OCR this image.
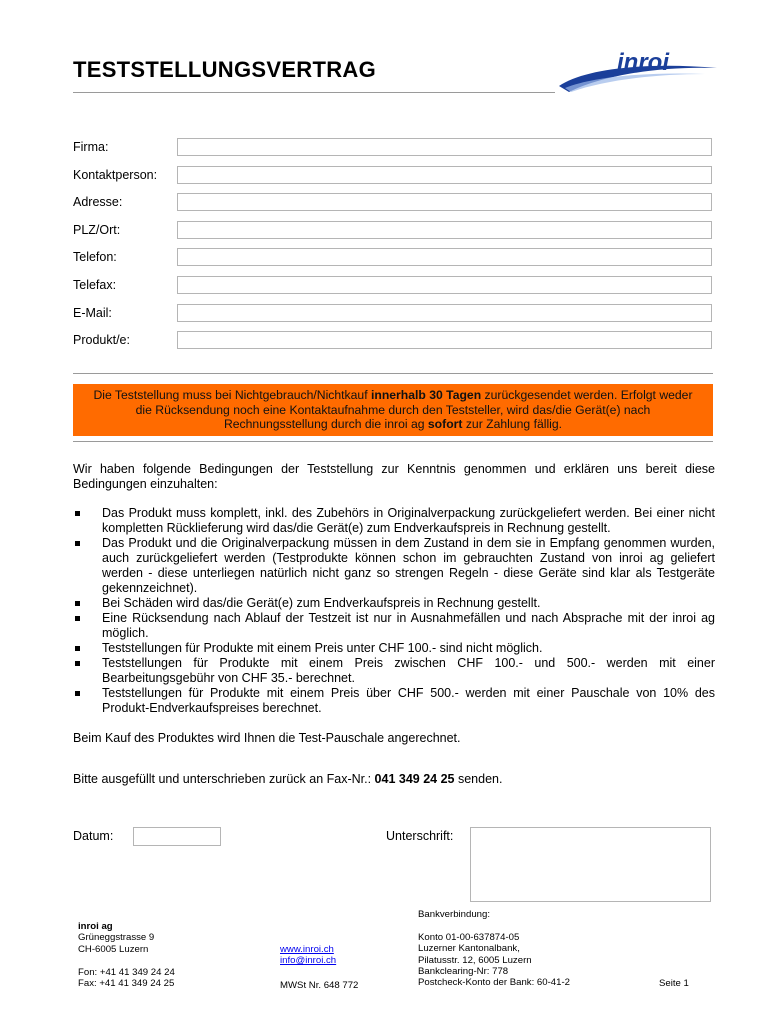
TESTSTELLUNGSVERTRAG	inroi
Firma:
Kontaktperson:
Adresse:
PLZ/Ort:
Telefon:
Telefax:
E-Mail:
Produkt/e:
Die Teststellung muss bei Nichtgebrauch/Nichtkauf innerhalb 30 Tagen zurückgesendet werden. Erfolgt weder die Rücksendung noch eine Kontaktaufnahme durch den Teststeller, wird das/die Gerät(e) nach Rechnungsstellung durch die inroi ag sofort zur Zahlung fällig.

Wir haben folgende Bedingungen der Teststellung zur Kenntnis genommen und erklären uns bereit diese Bedingungen einzuhalten:

Das Produkt muss komplett, inkl. des Zubehörs in Originalverpackung zurückgeliefert werden. Bei einer nicht kompletten Rücklieferung wird das/die Gerät(e) zum Endverkaufspreis in Rechnung gestellt.
Das Produkt und die Originalverpackung müssen in dem Zustand in dem sie in Empfang genommen wurden, auch zurückgeliefert werden (Testprodukte können schon im gebrauchten Zustand von inroi ag geliefert werden - diese unterliegen natürlich nicht ganz so strengen Regeln - diese Geräte sind klar als Testgeräte gekennzeichnet).
Bei Schäden wird das/die Gerät(e) zum Endverkaufspreis in Rechnung gestellt.
Eine Rücksendung nach Ablauf der Testzeit ist nur in Ausnahmefällen und nach Absprache mit der inroi ag möglich.
Teststellungen für Produkte mit einem Preis unter CHF 100.- sind nicht möglich.
Teststellungen für Produkte mit einem Preis zwischen CHF 100.- und 500.- werden mit einer Bearbeitungsgebühr von CHF 35.- berechnet.
Teststellungen für Produkte mit einem Preis über CHF 500.- werden mit einer Pauschale von 10% des Produkt-Endverkaufspreises berechnet.
Beim Kauf des Produktes wird Ihnen die Test-Pauschale angerechnet.
Bitte ausgefüllt und unterschrieben zurück an Fax-Nr.: 041 349 24 25 senden.
Datum:	Unterschrift:
inroi ag
Grüneggstrasse 9
CH-6005 Luzern
Fon: +41 41 349 24 24
Fax: +41 41 349 24 25
www.inroi.ch
info@inroi.ch
MWSt Nr. 648 772
Bankverbindung:
Konto 01-00-637874-05
Luzerner Kantonalbank,
Pilatusstr. 12, 6005 Luzern
Bankclearing-Nr: 778
Postcheck-Konto der Bank: 60-41-2	Seite 1
